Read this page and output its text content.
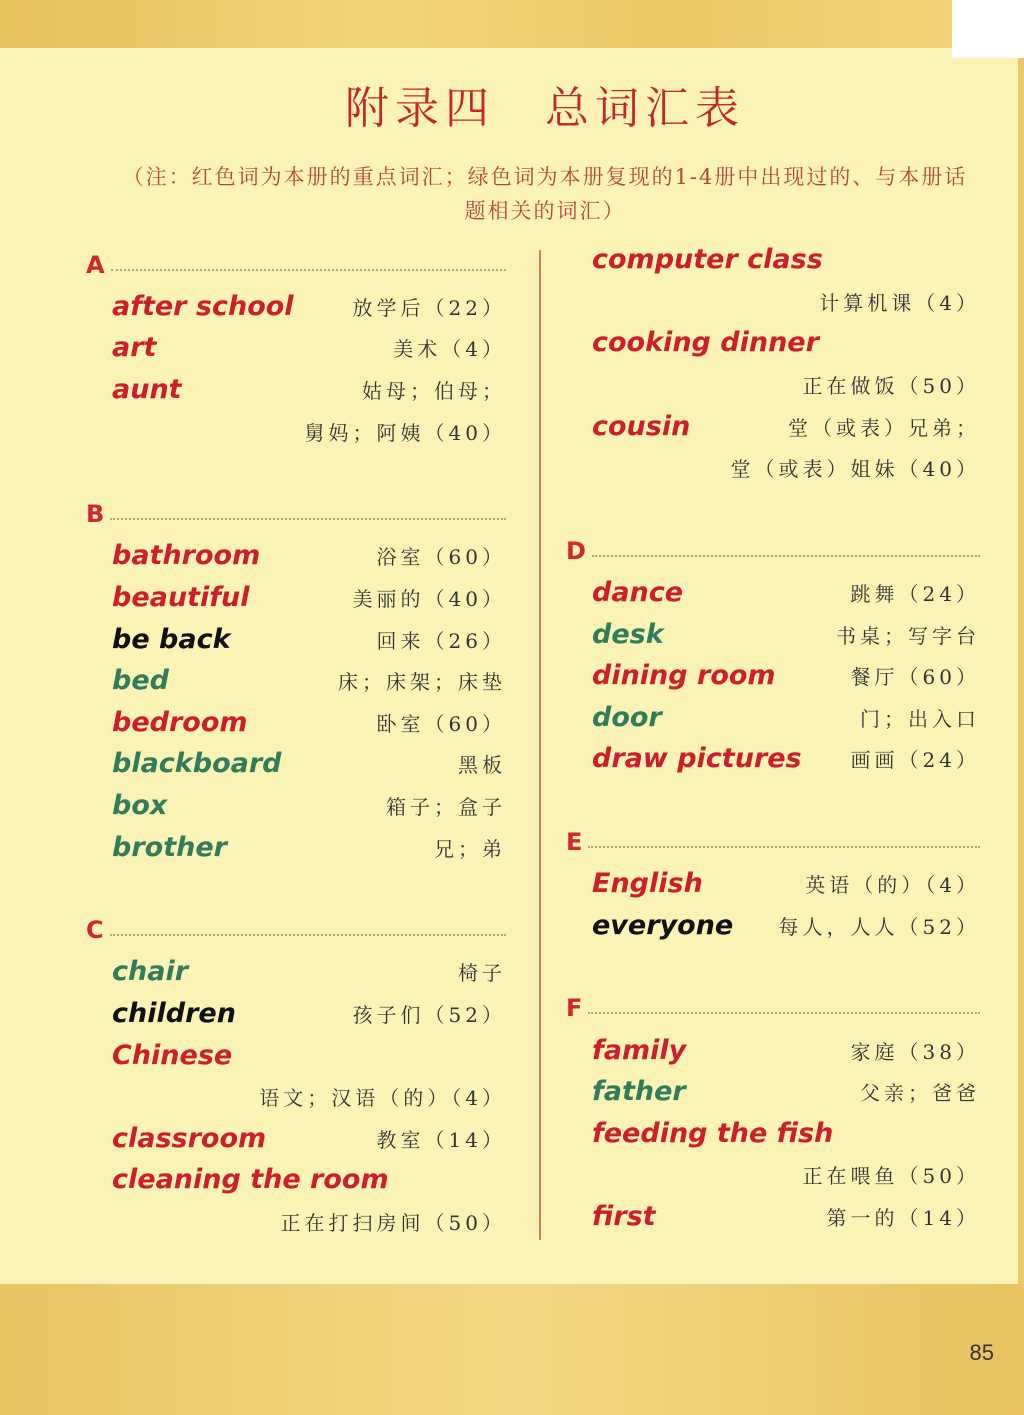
附录四 总词汇表
（注：红色词为本册的重点词汇；绿色词为本册复现的1-4册中出现过的、与本册话题相关的词汇）
A
after school	放学后（22）
art	美术（4）
aunt	姑母；伯母；
舅妈；阿姨（40）
B
bathroom	浴室（60）
beautiful	美丽的（40）
be back	回来（26）
bed	床；床架；床垫
bedroom	卧室（60）
blackboard	黑板
box	箱子；盒子
brother	兄；弟
C
chair	椅子
children	孩子们（52）
Chinese
语文；汉语（的）（4）
classroom	教室（14）
cleaning the room
正在打扫房间（50）
computer class
计算机课（4）
cooking dinner
正在做饭（50）
cousin	堂（或表）兄弟；
堂（或表）姐妹（40）
D
dance	跳舞（24）
desk	书桌；写字台
dining room	餐厅（60）
door	门；出入口
draw pictures 画画（24）
E
English	英语（的）（4）
everyone 每人，人人（52）
F
family	家庭（38）
father	父亲；爸爸
feeding the fish
正在喂鱼（50）
first	第一的（14）
85
